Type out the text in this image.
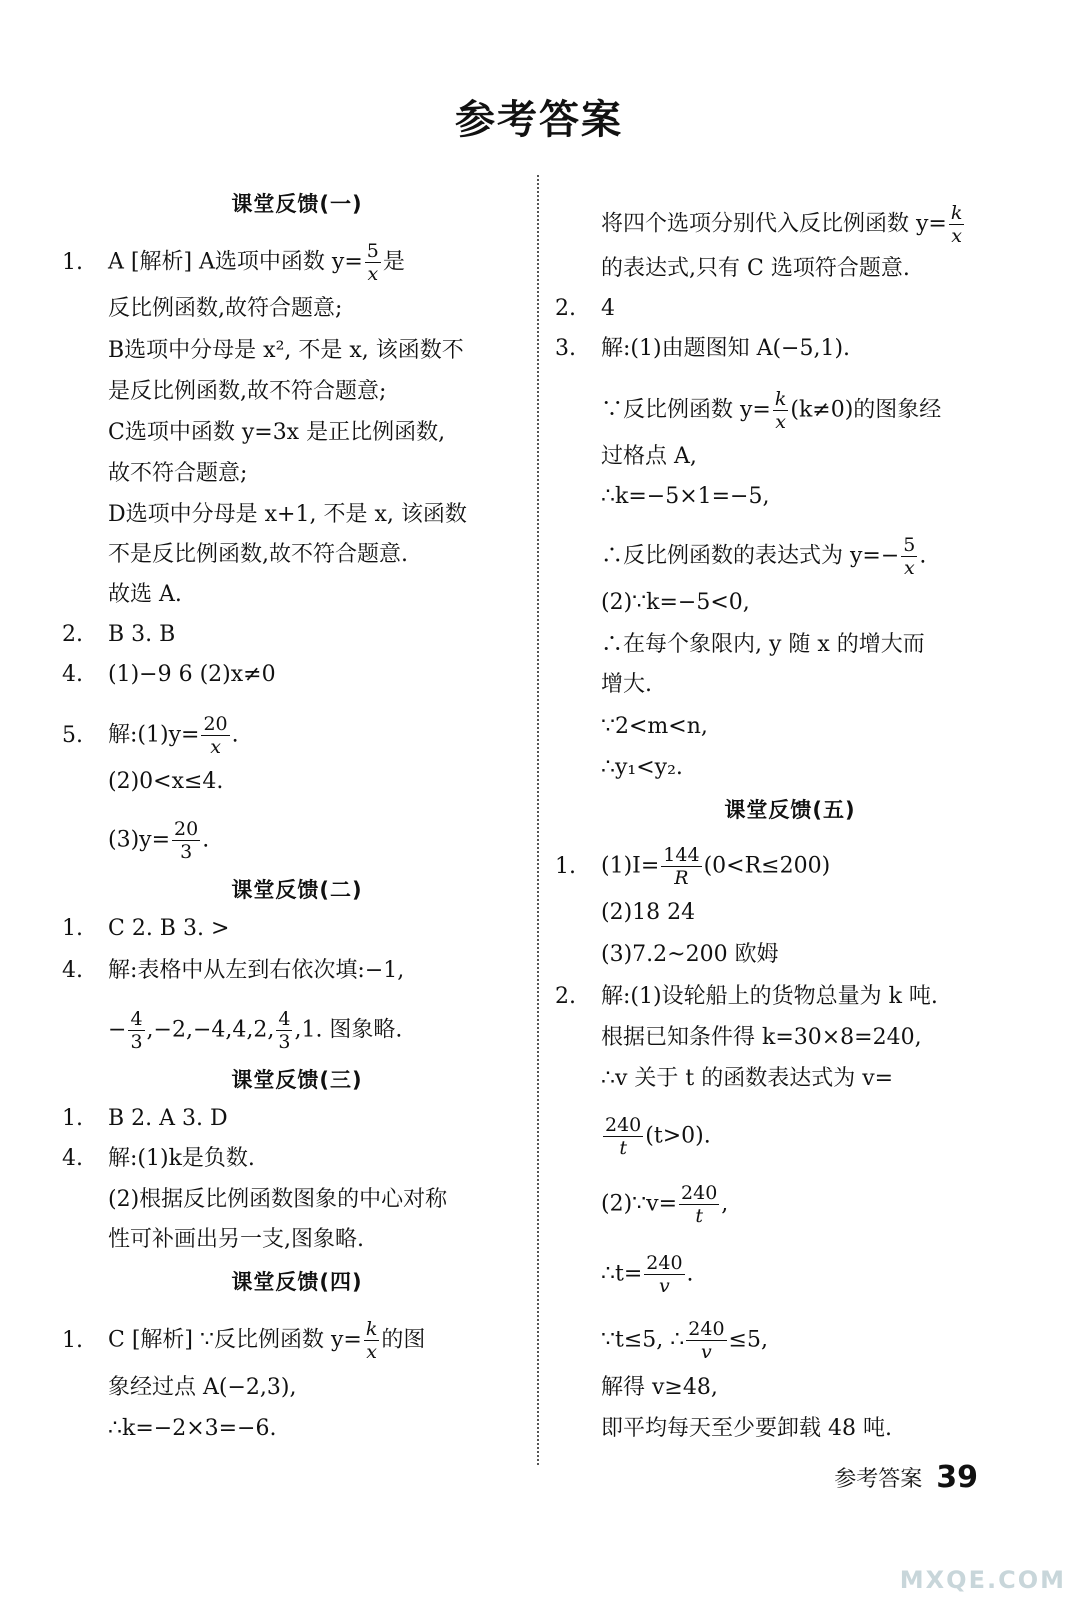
参考答案
课堂反馈(一)
1. A [解析] A选项中函数 $y= \frac{5}{x}$ 是
反比例函数,故符合题意;
B选项中分母是 x², 不是 x, 该函数不
是反比例函数,故不符合题意;
C选项中函数 y=3x 是正比例函数,
故不符合题意;
D选项中分母是 x+1, 不是 x, 该函数
不是反比例函数,故不符合题意.
故选 A.
2. B 3. B
4. (1)−9 6 (2)x≠0
5. 解:(1)y= $\frac{20}{x}$ .
(2)0<x≤4.
$(3)y= \frac{20}{3}$ .
课堂反馈(二)
1. C 2. B 3. >
4. 解:表格中从左到右依次填:−1,
− $\frac{4}{3} ,-2,-4,4,2$, $\frac{4}{3} ,1$. 图象略.
课堂反馈(三)
1. B 2. A 3. D
4. 解:(1)k是负数.
(2)根据反比例函数图象的中心对称
性可补画出另一支,图象略.
课堂反馈(四)
1. C [解析] ∵反比例函数 $y= \frac{k}{x}$ 的图
象经过点 A(−2,3),
∴k=−2×3=−6.
将四个选项分别代入反比例函数 $y= \frac{k}{x}$
的表达式,只有 C 选项符合题意.
2. 4
3. 解:(1)由题图知 A(−5,1).
∵反比例函数 $y= \frac{k}{x} (k\ne 0)$的图象经
过格点 A,
∴k=−5×1=−5,
∴反比例函数的表达式为 $y=- \frac{5}{x}$ .
(2)∵k=−5<0,
∴在每个象限内, y 随 x 的增大而
增大.
∵2<m<n,
∴y₁<y₂.
课堂反馈(五)
1. $(1)I= \frac{144}{R} (0<R\le 200)$
(2)18 24
(3)7.2~200 欧姆
2. 解:(1)设轮船上的货物总量为 k 吨.
根据已知条件得 k=30×8=240,
∴v 关于 t 的函数表达式为 v=
$\frac{240}{t} (t>0)$.
(2)∵v= $\frac{240}{t}$ ,
∴t= $\frac{240}{v}$ .
∵t≤5, ∴ $\frac{240}{v} \le 5$,
解得 v≥48,
即平均每天至少要卸载 48 吨.
参考答案 39
MXQE.COM
